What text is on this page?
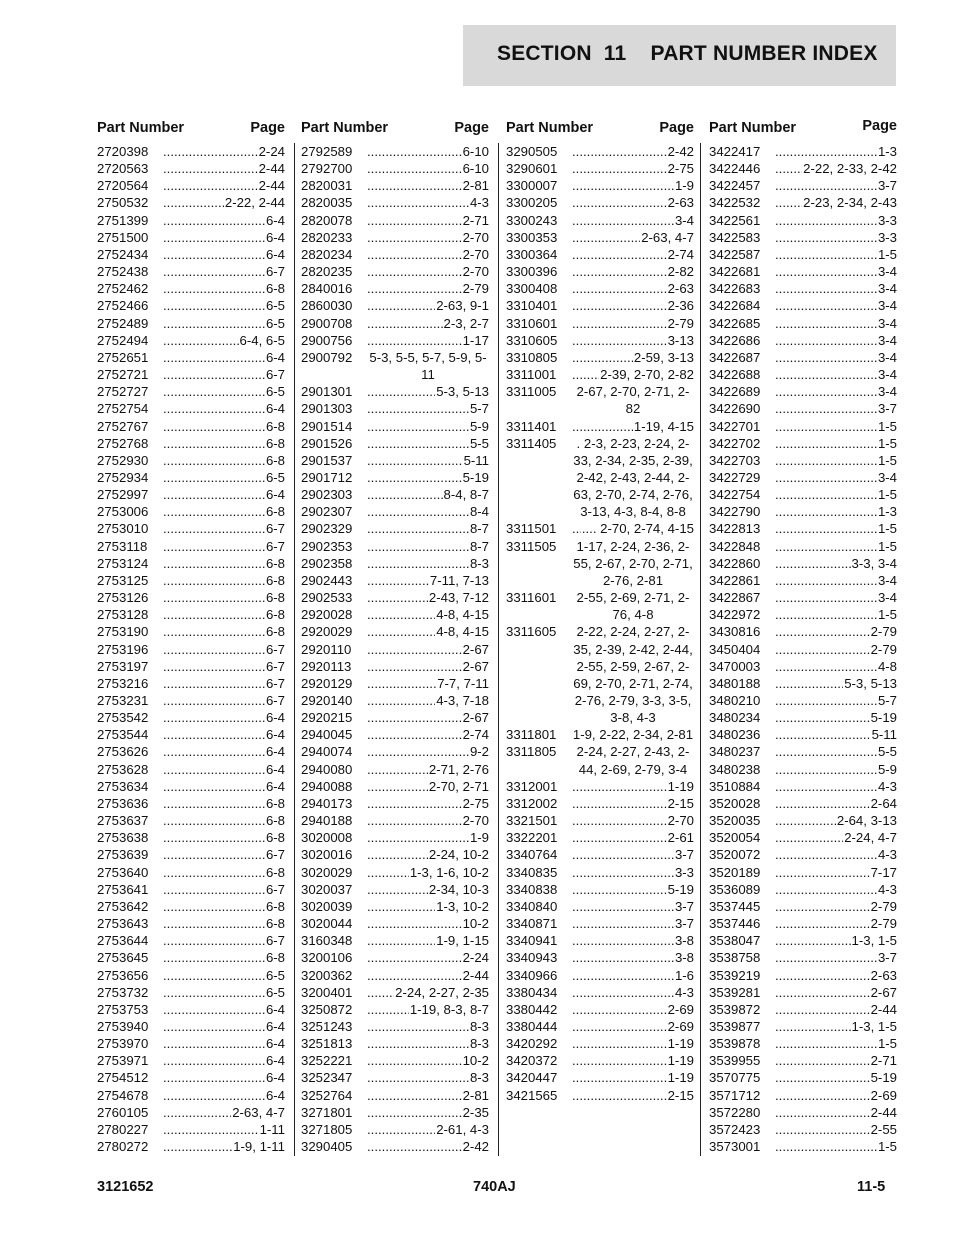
SECTION  11    PART NUMBER INDEX
Part Number	Page
2720398 .....	2-24
2720563 .....	2-44
2720564 .....	2-44
2750532 .....	2-22, 2-44
2751399 .....	6-4
2751500 .....	6-4
2752434 .....	6-4
2752438 .....	6-7
2752462 .....	6-8
2752466 .....	6-5
2752489 .....	6-5
2752494 .....	6-4, 6-5
2752651 .....	6-4
2752721 .....	6-7
2752727 .....	6-5
2752754 .....	6-4
2752767 .....	6-8
2752768 .....	6-8
2752930 .....	6-8
2752934 .....	6-5
2752997 .....	6-4
2753006 .....	6-8
2753010 .....	6-7
2753118 .....	6-7
2753124 .....	6-8
2753125 .....	6-8
2753126 .....	6-8
2753128 .....	6-8
2753190 .....	6-8
2753196 .....	6-7
2753197 .....	6-7
2753216 .....	6-7
2753231 .....	6-7
2753542 .....	6-4
2753544 .....	6-4
2753626 .....	6-4
2753628 .....	6-4
2753634 .....	6-4
2753636 .....	6-8
2753637 .....	6-8
2753638 .....	6-8
2753639 .....	6-7
2753640 .....	6-8
2753641 .....	6-7
2753642 .....	6-8
2753643 .....	6-8
2753644 .....	6-7
2753645 .....	6-8
2753656 .....	6-5
2753732 .....	6-5
2753753 .....	6-4
2753940 .....	6-4
2753970 .....	6-4
2753971 .....	6-4
2754512 .....	6-4
2754678 .....	6-4
2760105 .....	2-63, 4-7
2780227 .....	1-11
2780272 .....	1-9, 1-11
Part Number	Page
2792589 .....	6-10
2792700 .....	6-10
2820031 .....	2-81
2820035 .....	4-3
2820078 .....	2-71
2820233 .....	2-70
2820234 .....	2-70
2820235 .....	2-70
2840016 .....	2-79
2860030 .....	2-63, 9-1
2900708 .....	2-3, 2-7
2900756 .....	1-17
2900792	5-3, 5-5, 5-7, 5-9, 5-11
2901301 .....	5-3, 5-13
2901303 .....	5-7
2901514 .....	5-9
2901526 .....	5-5
2901537 .....	5-11
2901712 .....	5-19
2902303 .....	8-4, 8-7
2902307 .....	8-4
2902329 .....	8-7
2902353 .....	8-7
2902358 .....	8-3
2902443 .....	7-11, 7-13
2902533 .....	2-43, 7-12
2920028 .....	4-8, 4-15
2920029 .....	4-8, 4-15
2920110 .....	2-67
2920113 .....	2-67
2920129 .....	7-7, 7-11
2920140 .....	4-3, 7-18
2920215 .....	2-67
2940045 .....	2-74
2940074 .....	9-2
2940080 .....	2-71, 2-76
2940088 .....	2-70, 2-71
2940173 .....	2-75
2940188 .....	2-70
3020008 .....	1-9
3020016 .....	2-24, 10-2
3020029 .....	1-3, 1-6, 10-2
3020037 .....	2-34, 10-3
3020039 .....	1-3, 10-2
3020044 .....	10-2
3160348 .....	1-9, 1-15
3200106 .....	2-24
3200362 .....	2-44
3200401 .....	2-24, 2-27, 2-35
3250872 .....	1-19, 8-3, 8-7
3251243 .....	8-3
3251813 .....	8-3
3252221 .....	10-2
3252347 .....	8-3
3252764 .....	2-81
3271801 .....	2-35
3271805 .....	2-61, 4-3
3290405 .....	2-42
Part Number	Page
3290505 .....	2-42
3290601 .....	2-75
3300007 .....	1-9
3300205 .....	2-63
3300243 .....	3-4
3300353 .....	2-63, 4-7
3300364 .....	2-74
3300396 .....	2-82
3300408 .....	2-63
3310401 .....	2-36
3310601 .....	2-79
3310605 .....	3-13
3310805 .....	2-59, 3-13
3311001 .....	2-39, 2-70, 2-82
3311005	2-67, 2-70, 2-71, 2-82
3311401 .....	1-19, 4-15
3311405	. 2-3, 2-23, 2-24, 2-33, 2-34, 2-35, 2-39, 2-42, 2-43, 2-44, 2-63, 2-70, 2-74, 2-76, 3-13, 4-3, 8-4, 8-8
3311501 .....	.... 2-70, 2-74, 4-15
3311505	1-17, 2-24, 2-36, 2-55, 2-67, 2-70, 2-71, 2-76, 2-81
3311601	2-55, 2-69, 2-71, 2-76, 4-8
3311605	2-22, 2-24, 2-27, 2-35, 2-39, 2-42, 2-44, 2-55, 2-59, 2-67, 2-69, 2-70, 2-71, 2-74, 2-76, 2-79, 3-3, 3-5, 3-8, 4-3
3311801	1-9, 2-22, 2-34, 2-81
3311805	2-24, 2-27, 2-43, 2-44, 2-69, 2-79, 3-4
3312001 .....	1-19
3312002 .....	2-15
3321501 .....	2-70
3322201 .....	2-61
3340764 .....	3-7
3340835 .....	3-3
3340838 .....	5-19
3340840 .....	3-7
3340871 .....	3-7
3340941 .....	3-8
3340943 .....	3-8
3340966 .....	1-6
3380434 .....	4-3
3380442 .....	2-69
3380444 .....	2-69
3420292 .....	1-19
3420372 .....	1-19
3420447 .....	1-19
3421565 .....	2-15
Part Number	Page
3422417 .....	1-3
3422446 .....	2-22, 2-33, 2-42
3422457 .....	3-7
3422532 .....	2-23, 2-34, 2-43
3422561 .....	3-3
3422583 .....	3-3
3422587 .....	1-5
3422681 .....	3-4
3422683 .....	3-4
3422684 .....	3-4
3422685 .....	3-4
3422686 .....	3-4
3422687 .....	3-4
3422688 .....	3-4
3422689 .....	3-4
3422690 .....	3-7
3422701 .....	1-5
3422702 .....	1-5
3422703 .....	1-5
3422729 .....	3-4
3422754 .....	1-5
3422790 .....	1-3
3422813 .....	1-5
3422848 .....	1-5
3422860 .....	3-3, 3-4
3422861 .....	3-4
3422867 .....	3-4
3422972 .....	1-5
3430816 .....	2-79
3450404 .....	2-79
3470003 .....	4-8
3480188 .....	5-3, 5-13
3480210 .....	5-7
3480234 .....	5-19
3480236 .....	5-11
3480237 .....	5-5
3480238 .....	5-9
3510884 .....	4-3
3520028 .....	2-64
3520035 .....	2-64, 3-13
3520054 .....	2-24, 4-7
3520072 .....	4-3
3520189 .....	7-17
3536089 .....	4-3
3537445 .....	2-79
3537446 .....	2-79
3538047 .....	1-3, 1-5
3538758 .....	3-7
3539219 .....	2-63
3539281 .....	2-67
3539872 .....	2-44
3539877 .....	1-3, 1-5
3539878 .....	1-5
3539955 .....	2-71
3570775 .....	5-19
3571712 .....	2-69
3572280 .....	2-44
3572423 .....	2-55
3573001 .....	1-5
3121652	740AJ	11-5
